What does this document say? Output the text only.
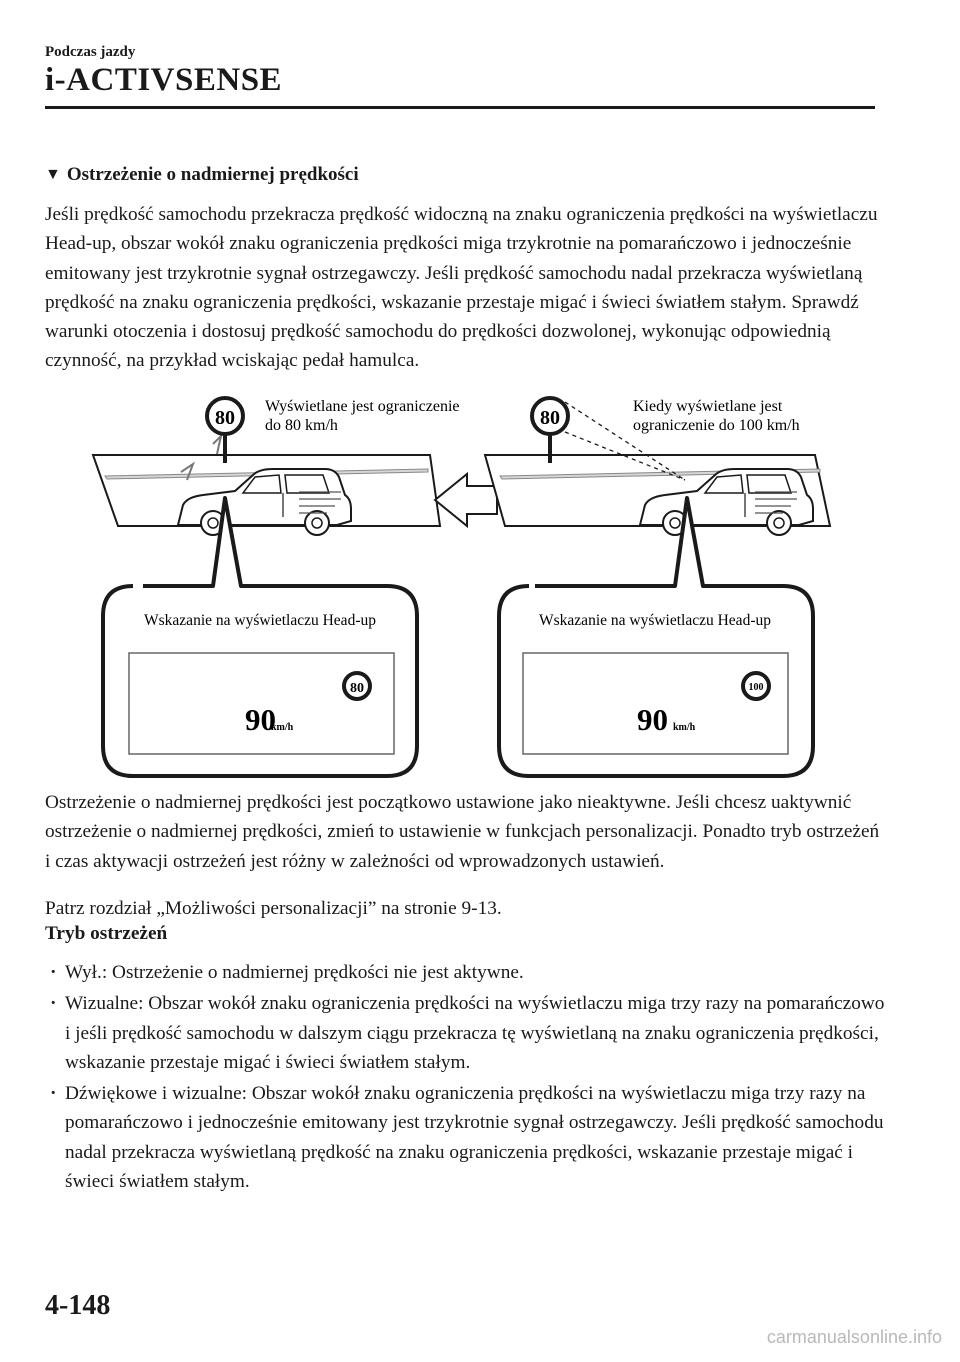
Podczas jazdy
i-ACTIVSENSE
▼ Ostrzeżenie o nadmiernej prędkości
Jeśli prędkość samochodu przekracza prędkość widoczną na znaku ograniczenia prędkości na wyświetlaczu Head-up, obszar wokół znaku ograniczenia prędkości miga trzykrotnie na pomarańczowo i jednocześnie emitowany jest trzykrotnie sygnał ostrzegawczy. Jeśli prędkość samochodu nadal przekracza wyświetlaną prędkość na znaku ograniczenia prędkości, wskazanie przestaje migać i świeci światłem stałym. Sprawdź warunki otoczenia i dostosuj prędkość samochodu do prędkości dozwolonej, wykonując odpowiednią czynność, na przykład wciskając pedał hamulca.
80
Wyświetlane jest ograniczenie
do 80 km/h	80
Kiedy wyświetlane jest
ograniczenie do 100 km/h
Wskazanie na wyświetlaczu Head-up
80
90
km/h
Wskazanie na wyświetlaczu Head-up
100
90 km/h
Ostrzeżenie o nadmiernej prędkości jest początkowo ustawione jako nieaktywne. Jeśli chcesz uaktywnić ostrzeżenie o nadmiernej prędkości, zmień to ustawienie w funkcjach personalizacji. Ponadto tryb ostrzeżeń i czas aktywacji ostrzeżeń jest różny w zależności od wprowadzonych ustawień.
Patrz rozdział „Możliwości personalizacji” na stronie 9-13.
Tryb ostrzeżeń
· Wył.: Ostrzeżenie o nadmiernej prędkości nie jest aktywne.
· Wizualne: Obszar wokół znaku ograniczenia prędkości na wyświetlaczu miga trzy razy na pomarańczowo i jeśli prędkość samochodu w dalszym ciągu przekracza tę wyświetlaną na znaku ograniczenia prędkości, wskazanie przestaje migać i świeci światłem stałym.
· Dźwiękowe i wizualne: Obszar wokół znaku ograniczenia prędkości na wyświetlaczu miga trzy razy na pomarańczowo i jednocześnie emitowany jest trzykrotnie sygnał ostrzegawczy. Jeśli prędkość samochodu nadal przekracza wyświetlaną prędkość na znaku ograniczenia prędkości, wskazanie przestaje migać i świeci światłem stałym.
4-148
carmanualsonline.info
